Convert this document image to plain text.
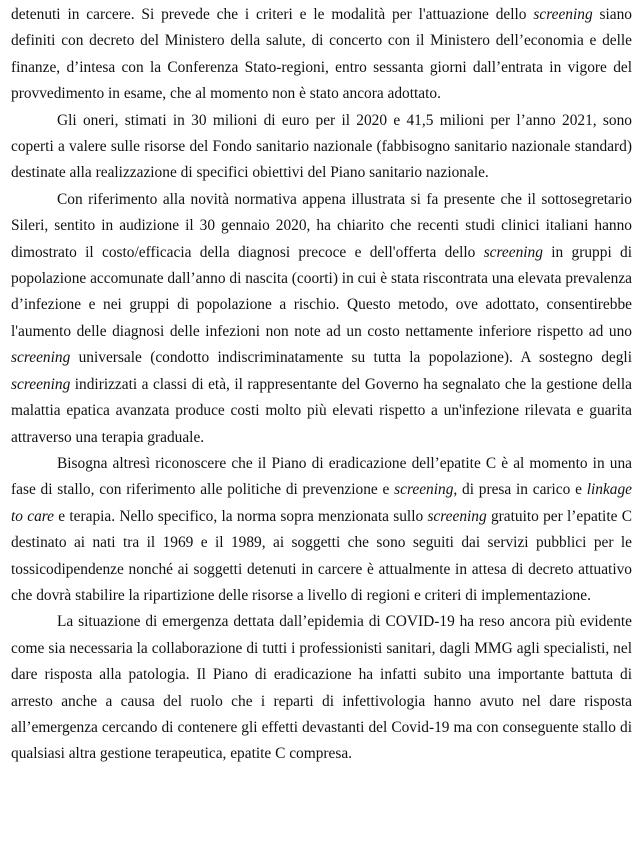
detenuti in carcere. Si prevede che i criteri e le modalità per l'attuazione dello screening siano definiti con decreto del Ministero della salute, di concerto con il Ministero dell’economia e delle finanze, d’intesa con la Conferenza Stato-regioni, entro sessanta giorni dall’entrata in vigore del provvedimento in esame, che al momento non è stato ancora adottato.

Gli oneri, stimati in 30 milioni di euro per il 2020 e 41,5 milioni per l’anno 2021, sono coperti a valere sulle risorse del Fondo sanitario nazionale (fabbisogno sanitario nazionale standard) destinate alla realizzazione di specifici obiettivi del Piano sanitario nazionale.

Con riferimento alla novità normativa appena illustrata si fa presente che il sottosegretario Sileri, sentito in audizione il 30 gennaio 2020, ha chiarito che recenti studi clinici italiani hanno dimostrato il costo/efficacia della diagnosi precoce e dell'offerta dello screening in gruppi di popolazione accomunate dall’anno di nascita (coorti) in cui è stata riscontrata una elevata prevalenza d’infezione e nei gruppi di popolazione a rischio. Questo metodo, ove adottato, consentirebbe l'aumento delle diagnosi delle infezioni non note ad un costo nettamente inferiore rispetto ad uno screening universale (condotto indiscriminatamente su tutta la popolazione). A sostegno degli screening indirizzati a classi di età, il rappresentante del Governo ha segnalato che la gestione della malattia epatica avanzata produce costi molto più elevati rispetto a un'infezione rilevata e guarita attraverso una terapia graduale.

Bisogna altresì riconoscere che il Piano di eradicazione dell’epatite C è al momento in una fase di stallo, con riferimento alle politiche di prevenzione e screening, di presa in carico e linkage to care e terapia. Nello specifico, la norma sopra menzionata sullo screening gratuito per l’epatite C destinato ai nati tra il 1969 e il 1989, ai soggetti che sono seguiti dai servizi pubblici per le tossicodipendenze nonché ai soggetti detenuti in carcere è attualmente in attesa di decreto attuativo che dovrà stabilire la ripartizione delle risorse a livello di regioni e criteri di implementazione.

La situazione di emergenza dettata dall’epidemia di COVID-19 ha reso ancora più evidente come sia necessaria la collaborazione di tutti i professionisti sanitari, dagli MMG agli specialisti, nel dare risposta alla patologia. Il Piano di eradicazione ha infatti subito una importante battuta di arresto anche a causa del ruolo che i reparti di infettivologia hanno avuto nel dare risposta all’emergenza cercando di contenere gli effetti devastanti del Covid-19 ma con conseguente stallo di qualsiasi altra gestione terapeutica, epatite C compresa.
